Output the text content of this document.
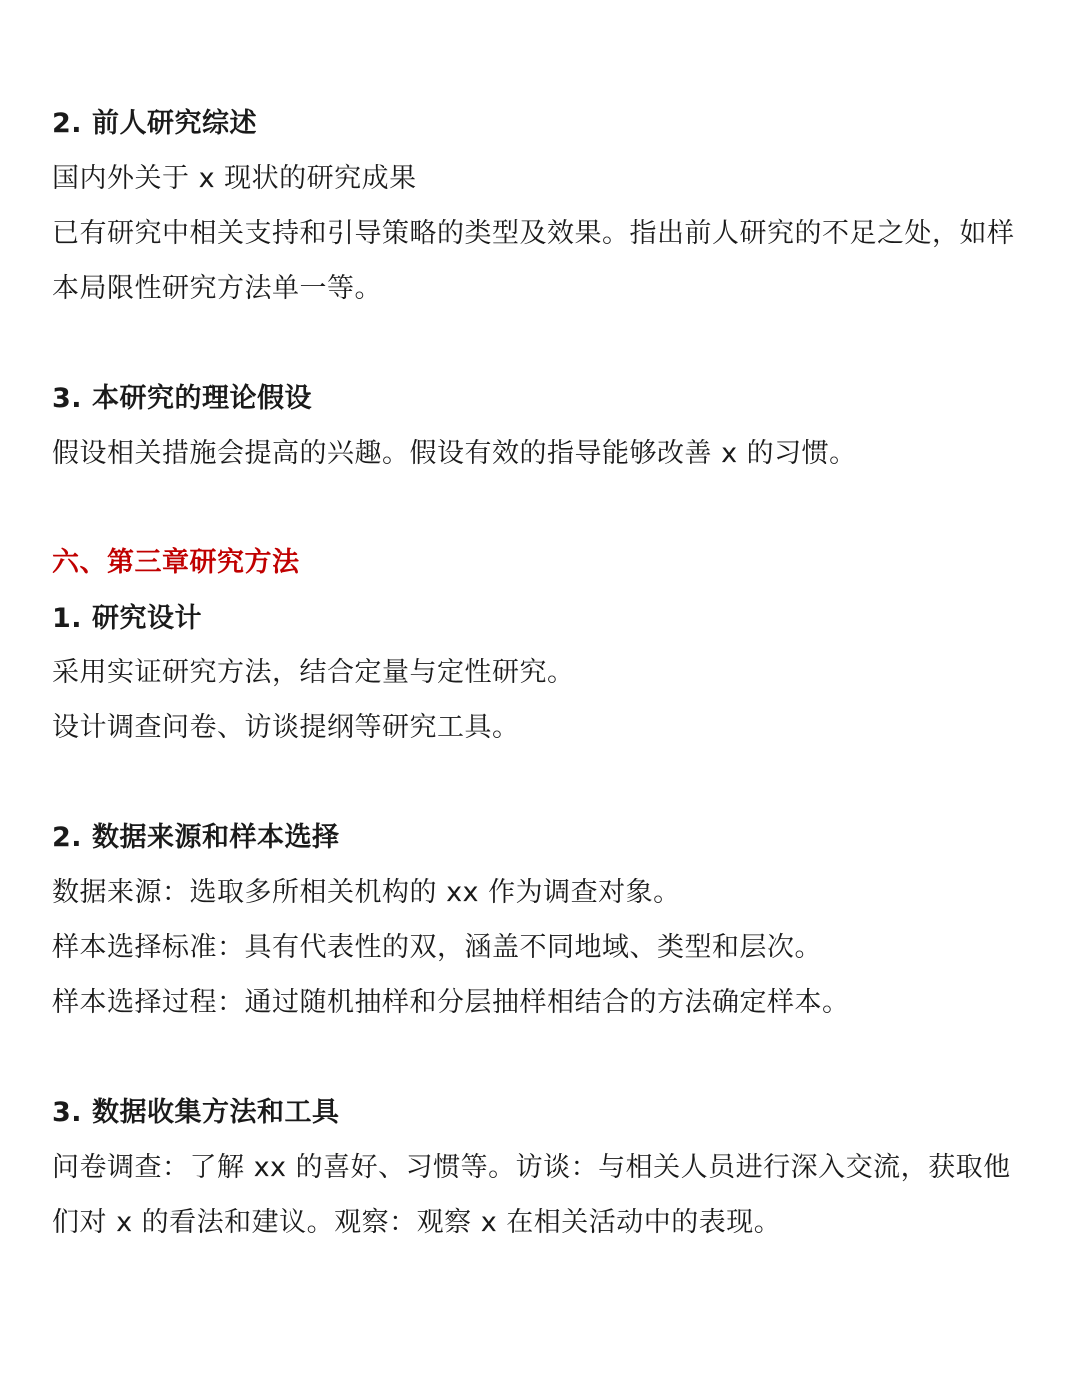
2. 前人研究综述
国内外关于 x 现状的研究成果
已有研究中相关支持和引导策略的类型及效果。指出前人研究的不足之处，如样
本局限性研究方法单一等。
3. 本研究的理论假设
假设相关措施会提高的兴趣。假设有效的指导能够改善 x 的习惯。
六、第三章研究方法
1. 研究设计
采用实证研究方法，结合定量与定性研究。
设计调查问卷、访谈提纲等研究工具。
2. 数据来源和样本选择
数据来源：选取多所相关机构的 xx 作为调查对象。
样本选择标准：具有代表性的双，涵盖不同地域、类型和层次。
样本选择过程：通过随机抽样和分层抽样相结合的方法确定样本。
3. 数据收集方法和工具
问卷调查：了解 xx 的喜好、习惯等。访谈：与相关人员进行深入交流，获取他
们对 x 的看法和建议。观察：观察 x 在相关活动中的表现。
